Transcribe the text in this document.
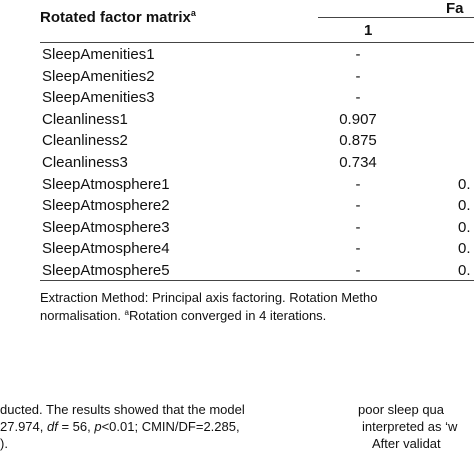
Rotated factor matrix$^a$	Fa
1
SleepAmenities1	-
SleepAmenities2	-
SleepAmenities3	-
Cleanliness1	0.907
Cleanliness2	0.875
Cleanliness3	0.734
SleepAtmosphere1	-	0.
SleepAtmosphere2	-	0.
SleepAtmosphere3	-	0.
SleepAtmosphere4	-	0.
SleepAtmosphere5	-	0.
Extraction Method: Principal axis factoring. Rotation Metho
normalisation. $^a$Rotation converged in 4 iterations.
ducted. The results showed that the model
27.974, df = 56, p<0.01; CMIN/DF=2.285,
).
poor sleep qua
interpreted as ‘w
After validat
